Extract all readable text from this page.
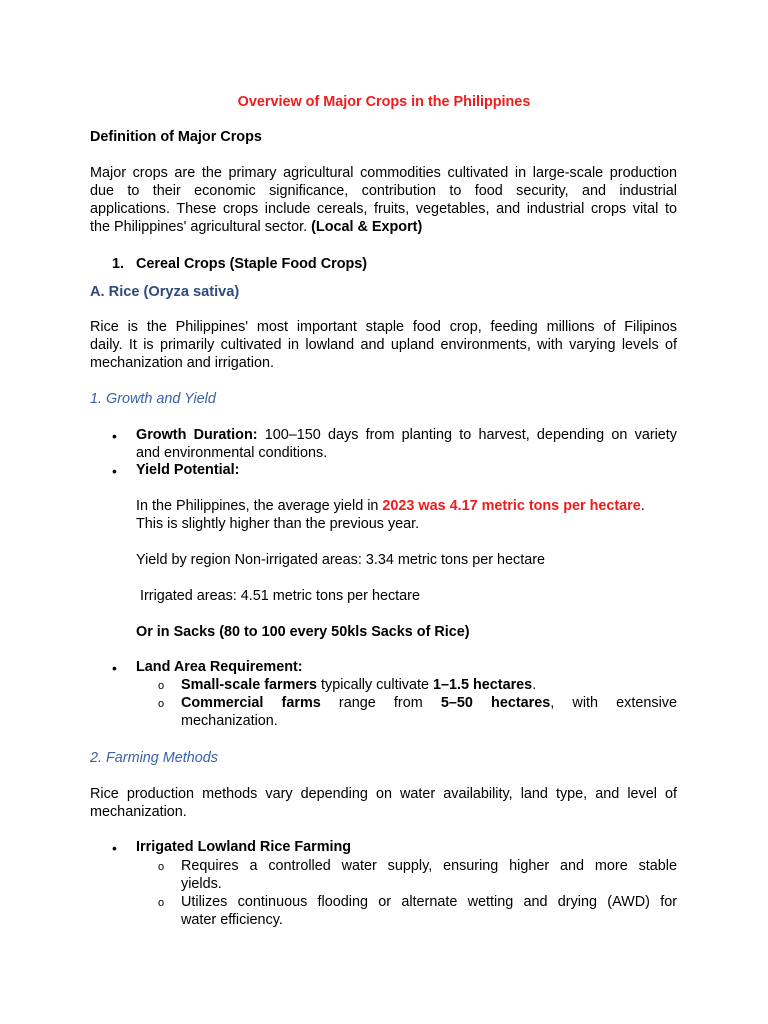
Overview of Major Crops in the Philippines
Definition of Major Crops
Major crops are the primary agricultural commodities cultivated in large-scale production
due to their economic significance, contribution to food security, and industrial
applications. These crops include cereals, fruits, vegetables, and industrial crops vital to
the Philippines' agricultural sector. (Local & Export)
1. Cereal Crops (Staple Food Crops)
A. Rice (Oryza sativa)
Rice is the Philippines' most important staple food crop, feeding millions of Filipinos
daily. It is primarily cultivated in lowland and upland environments, with varying levels of
mechanization and irrigation.
1. Growth and Yield
• Growth Duration: 100–150 days from planting to harvest, depending on variety
and environmental conditions.
• Yield Potential:
In the Philippines, the average yield in 2023 was 4.17 metric tons per hectare.
This is slightly higher than the previous year.
Yield by region Non-irrigated areas: 3.34 metric tons per hectare
Irrigated areas: 4.51 metric tons per hectare
Or in Sacks (80 to 100 every 50kls Sacks of Rice)
• Land Area Requirement:
o Small-scale farmers typically cultivate 1–1.5 hectares.
o Commercial farms range from 5–50 hectares, with extensive
mechanization.
2. Farming Methods
Rice production methods vary depending on water availability, land type, and level of
mechanization.
• Irrigated Lowland Rice Farming
o Requires a controlled water supply, ensuring higher and more stable
yields.
o Utilizes continuous flooding or alternate wetting and drying (AWD) for
water efficiency.
